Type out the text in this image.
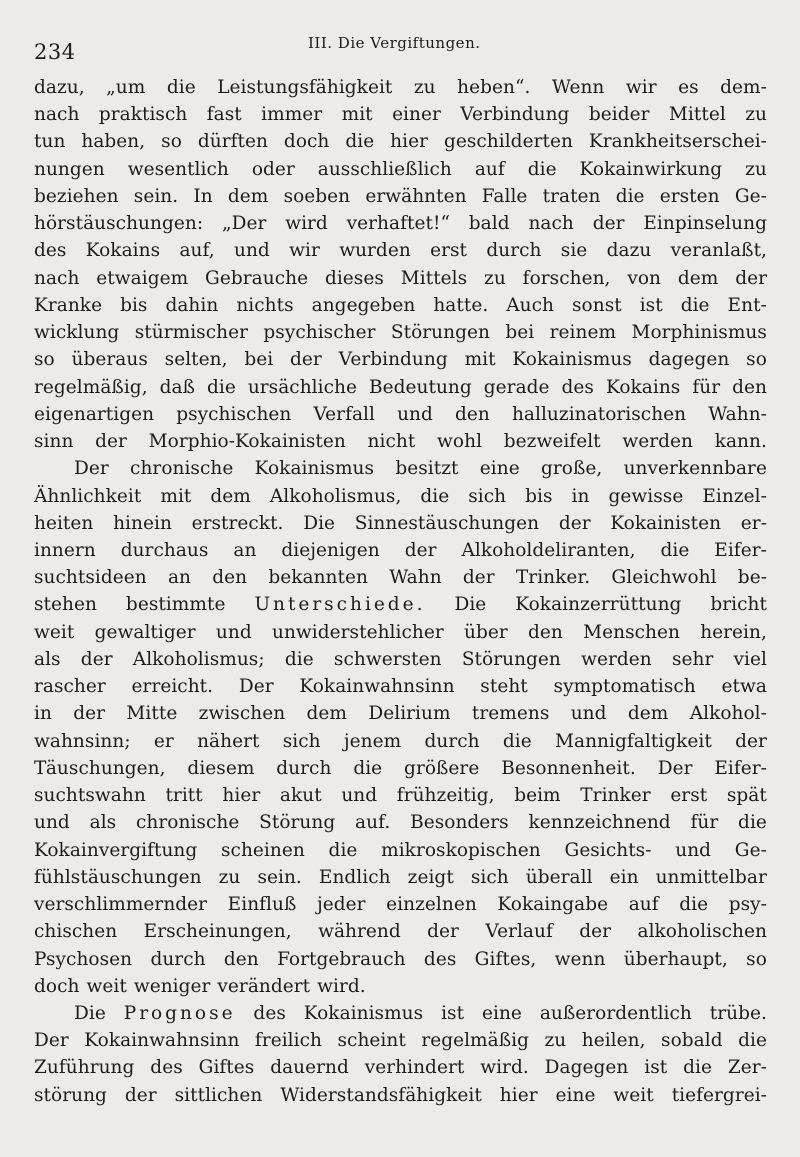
234	III. Die Vergiftungen.
dazu, „um die Leistungsfähigkeit zu heben“. Wenn wir es dem-
nach praktisch fast immer mit einer Verbindung beider Mittel zu
tun haben, so dürften doch die hier geschilderten Krankheitserschei-
nungen wesentlich oder ausschließlich auf die Kokainwirkung zu
beziehen sein. In dem soeben erwähnten Falle traten die ersten Ge-
hörstäuschungen: „Der wird verhaftet!“ bald nach der Einpinselung
des Kokains auf, und wir wurden erst durch sie dazu veranlaßt,
nach etwaigem Gebrauche dieses Mittels zu forschen, von dem der
Kranke bis dahin nichts angegeben hatte. Auch sonst ist die Ent-
wicklung stürmischer psychischer Störungen bei reinem Morphinismus
so überaus selten, bei der Verbindung mit Kokainismus dagegen so
regelmäßig, daß die ursächliche Bedeutung gerade des Kokains für den
eigenartigen psychischen Verfall und den halluzinatorischen Wahn-
sinn der Morphio-Kokainisten nicht wohl bezweifelt werden kann.
Der chronische Kokainismus besitzt eine große, unverkennbare
Ähnlichkeit mit dem Alkoholismus, die sich bis in gewisse Einzel-
heiten hinein erstreckt. Die Sinnestäuschungen der Kokainisten er-
innern durchaus an diejenigen der Alkoholdeliranten, die Eifer-
suchtsideen an den bekannten Wahn der Trinker. Gleichwohl be-
stehen bestimmte Unterschiede. Die Kokainzerrüttung bricht
weit gewaltiger und unwiderstehlicher über den Menschen herein,
als der Alkoholismus; die schwersten Störungen werden sehr viel
rascher erreicht. Der Kokainwahnsinn steht symptomatisch etwa
in der Mitte zwischen dem Delirium tremens und dem Alkohol-
wahnsinn; er nähert sich jenem durch die Mannigfaltigkeit der
Täuschungen, diesem durch die größere Besonnenheit. Der Eifer-
suchtswahn tritt hier akut und frühzeitig, beim Trinker erst spät
und als chronische Störung auf. Besonders kennzeichnend für die
Kokainvergiftung scheinen die mikroskopischen Gesichts- und Ge-
fühlstäuschungen zu sein. Endlich zeigt sich überall ein unmittelbar
verschlimmernder Einfluß jeder einzelnen Kokaingabe auf die psy-
chischen Erscheinungen, während der Verlauf der alkoholischen
Psychosen durch den Fortgebrauch des Giftes, wenn überhaupt, so
doch weit weniger verändert wird.
Die Prognose des Kokainismus ist eine außerordentlich trübe.
Der Kokainwahnsinn freilich scheint regelmäßig zu heilen, sobald die
Zuführung des Giftes dauernd verhindert wird. Dagegen ist die Zer-
störung der sittlichen Widerstandsfähigkeit hier eine weit tiefergrei-
